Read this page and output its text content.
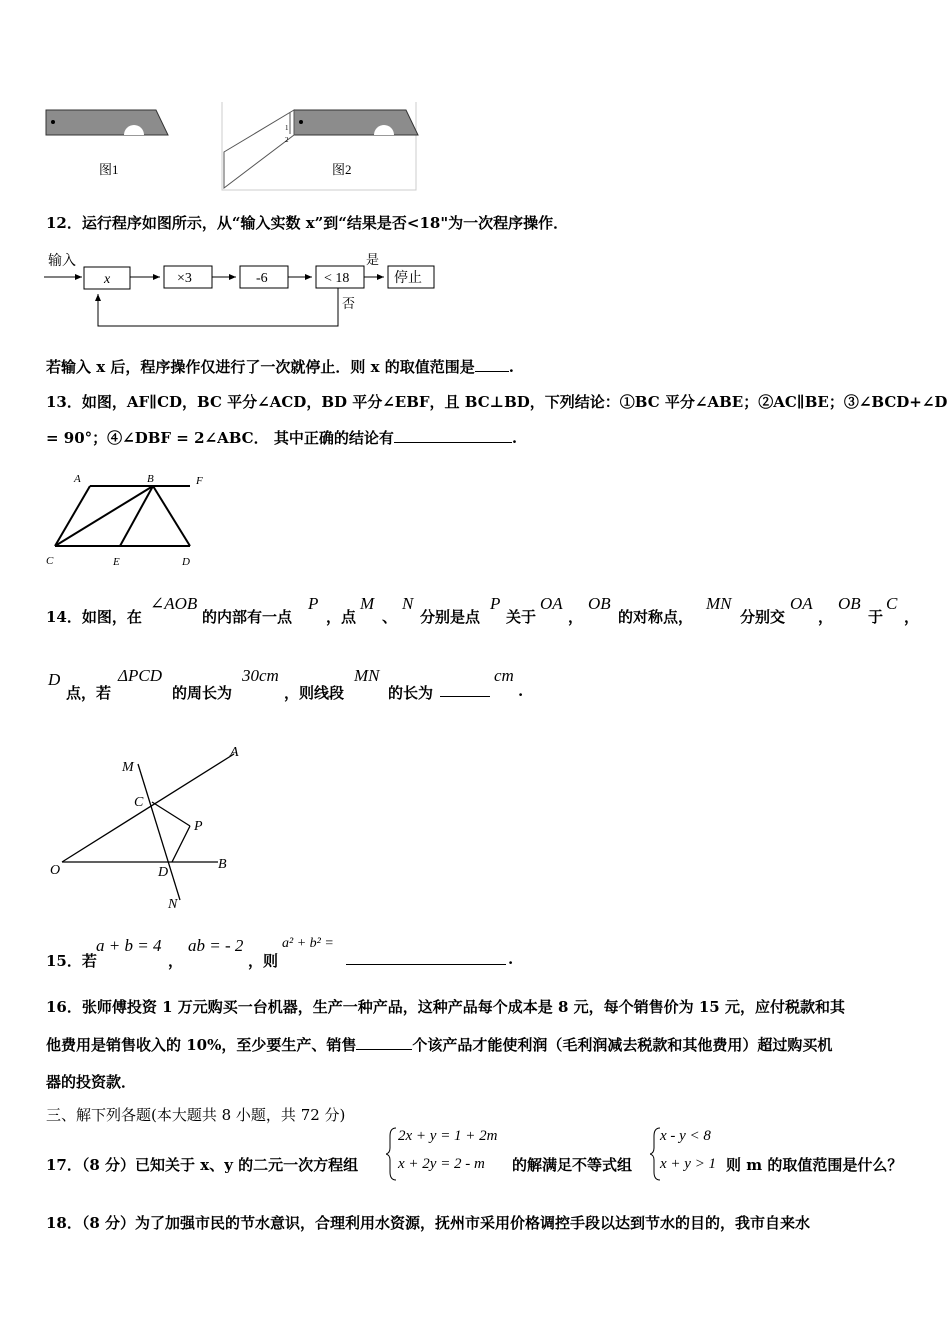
图1
1
2
图2
12．运行程序如图所示，从“输入实数 x”到“结果是否<18"为一次程序操作．
输入
x	×3	-6	< 18
是
停止
否
若输入 x 后，程序操作仅进行了一次就停止．则 x 的取值范围是 .
13．如图，AF∥CD，BC 平分∠ACD，BD 平分∠EBF，且 BC⊥BD，下列结论：①BC 平分∠ABE；②AC∥BE；③∠BCD+∠D
= 90°；④∠DBF = 2∠ABC． 其中正确的结论有	.
A	B	F
C	E	D
14．如图，在
∠AOB
的内部有一点
P
，点
M
、
N
分别是点
P
关于
OA
，
OB
的对称点，
MN
分别交
OA
，
OB
于
C
，
D
点，若
ΔPCD
的周长为
30cm
，则线段
MN
的长为
cm
.
M
A
C
P
O	D
B
N
15．若
a + b = 4
，
ab = - 2
，则
a² + b² =
.
16．张师傅投资 1 万元购买一台机器，生产一种产品，这种产品每个成本是 8 元，每个销售价为 15 元，应付税款和其
他费用是销售收入的 10%，至少要生产、销售	个该产品才能使利润（毛利润减去税款和其他费用）超过购买机
器的投资款．
三、解下列各题(本大题共 8 小题，共 72 分)
17．（8 分）已知关于 x、y 的二元一次方程组
2x + y = 1 + 2m
x + 2y = 2 - m 的解满足不等式组
x - y < 8
x + y > 1 则 m 的取值范围是什么？
18．（8 分）为了加强市民的节水意识，合理利用水资源，抚州市采用价格调控手段以达到节水的目的，我市自来水
